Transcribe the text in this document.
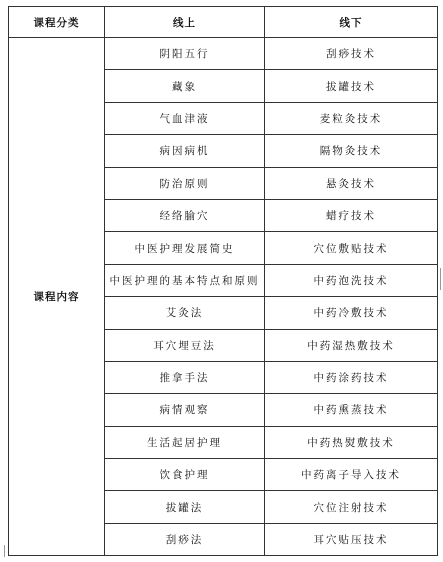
课程分类	线上	线下
课程内容	阴阳五行	刮痧技术
	藏象	拔罐技术
	气血津液	麦粒灸技术
	病因病机	隔物灸技术
	防治原则	悬灸技术
	经络腧穴	蜡疗技术
	中医护理发展简史	穴位敷贴技术
	中医护理的基本特点和原则	中药泡洗技术
	艾灸法	中药冷敷技术
	耳穴埋豆法	中药湿热敷技术
	推拿手法	中药涂药技术
	病情观察	中药熏蒸技术
	生活起居护理	中药热熨敷技术
	饮食护理	中药离子导入技术
	拔罐法	穴位注射技术
	刮痧法	耳穴贴压技术
